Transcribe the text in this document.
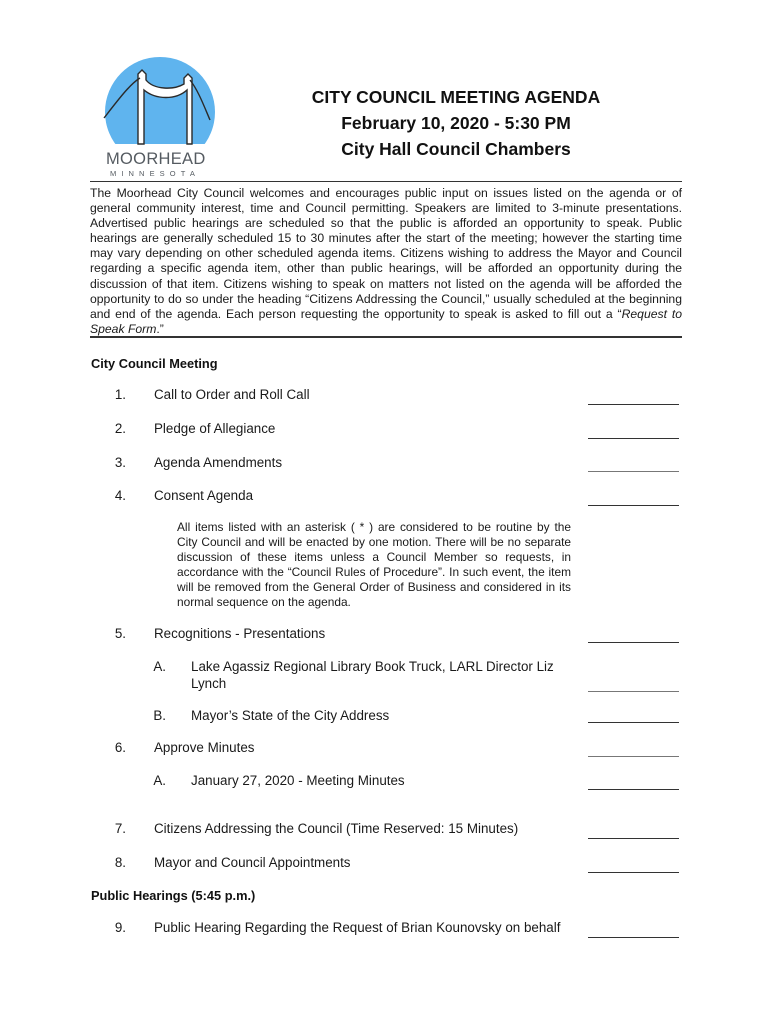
MOORHEAD
MINNESOTA
CITY COUNCIL MEETING AGENDA
February 10, 2020 - 5:30 PM
City Hall Council Chambers
The Moorhead City Council welcomes and encourages public input on issues listed on the agenda or of general community interest, time and Council permitting. Speakers are limited to 3-minute presentations. Advertised public hearings are scheduled so that the public is afforded an opportunity to speak. Public hearings are generally scheduled 15 to 30 minutes after the start of the meeting; however the starting time may vary depending on other scheduled agenda items. Citizens wishing to address the Mayor and Council regarding a specific agenda item, other than public hearings, will be afforded an opportunity during the discussion of that item. Citizens wishing to speak on matters not listed on the agenda will be afforded the opportunity to do so under the heading “Citizens Addressing the Council,” usually scheduled at the beginning and end of the agenda. Each person requesting the opportunity to speak is asked to fill out a “Request to Speak Form.”
City Council Meeting
1. Call to Order and Roll Call
2. Pledge of Allegiance
3. Agenda Amendments
4. Consent Agenda
All items listed with an asterisk ( * ) are considered to be routine by the City Council and will be enacted by one motion. There will be no separate discussion of these items unless a Council Member so requests, in accordance with the “Council Rules of Procedure”. In such event, the item will be removed from the General Order of Business and considered in its normal sequence on the agenda.
5. Recognitions - Presentations
A. Lake Agassiz Regional Library Book Truck, LARL Director Liz Lynch
B. Mayor’s State of the City Address
6. Approve Minutes
A. January 27, 2020 - Meeting Minutes
7. Citizens Addressing the Council (Time Reserved: 15 Minutes)
8. Mayor and Council Appointments
Public Hearings (5:45 p.m.)
9. Public Hearing Regarding the Request of Brian Kounovsky on behalf
